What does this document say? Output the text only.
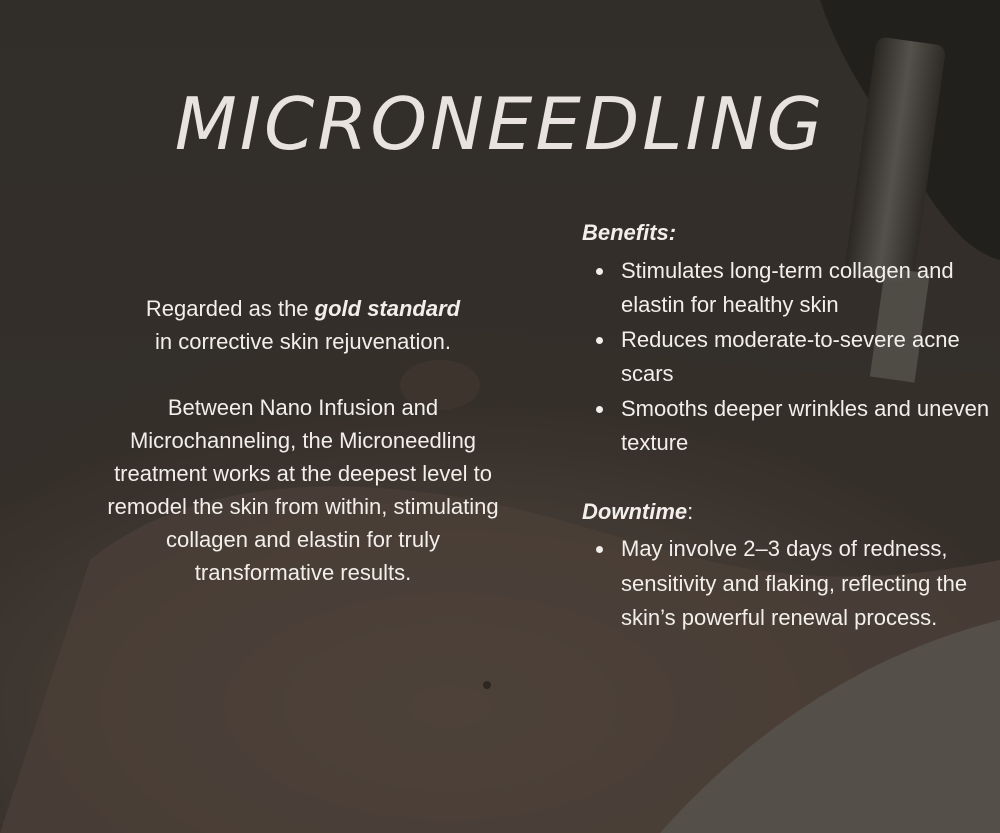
MICRONEEDLING

Regarded as the gold standard

in corrective skin rejuvenation.

Between Nano Infusion and Microchanneling, the Microneedling treatment works at the deepest level to remodel the skin from within, stimulating collagen and elastin for truly transformative results.

Benefits:

Stimulates long-term collagen and elastin for healthy skin
Reduces moderate-to-severe acne scars
Smooths deeper wrinkles and uneven texture

Downtime:

May involve 2–3 days of redness, sensitivity and flaking, reflecting the skin’s powerful renewal process.
